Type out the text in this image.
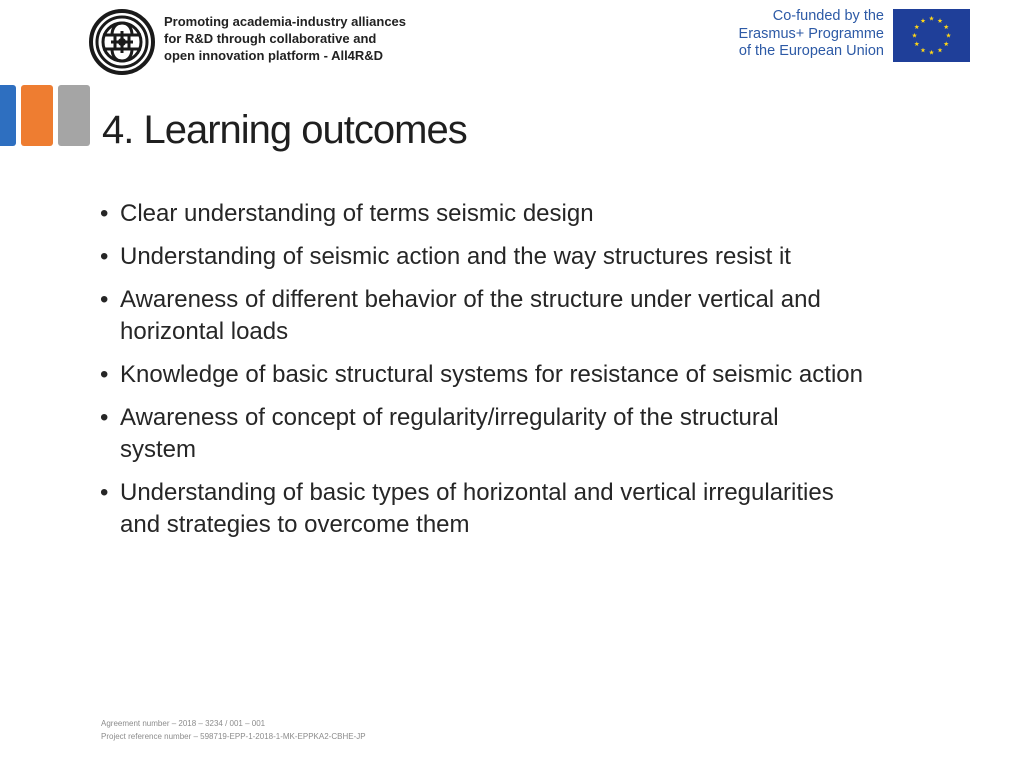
Promoting academia-industry alliances
for R&D through collaborative and
open innovation platform - All4R&D
Co-funded by the
Erasmus+ Programme
of the European Union
4. Learning outcomes
• Clear understanding of terms seismic design
• Understanding of seismic action and the way structures resist it
• Awareness of different behavior of the structure under vertical and
horizontal loads
• Knowledge of basic structural systems for resistance of seismic action
• Awareness of concept of regularity/irregularity of the structural
system
• Understanding of basic types of horizontal and vertical irregularities
and strategies to overcome them
Agreement number – 2018 – 3234 / 001 – 001
Project reference number – 598719-EPP-1-2018-1-MK-EPPKA2-CBHE-JP
